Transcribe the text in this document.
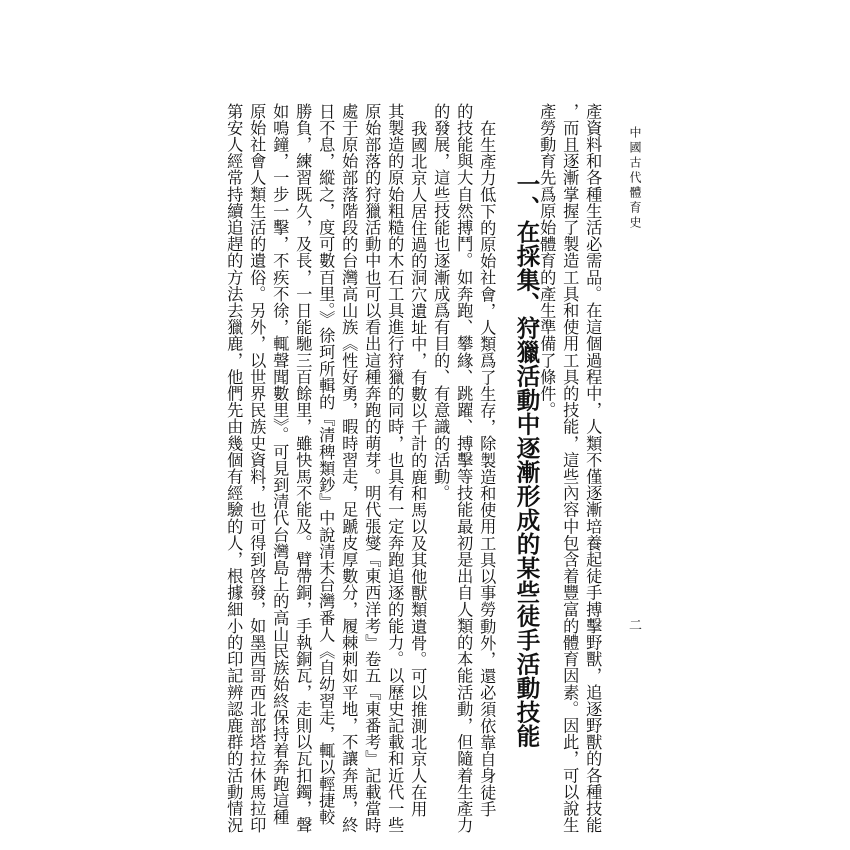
中國古代體育史
二
產資料和各種生活必需品。在這個過程中，人類不僅逐漸培養起徒手搏擊野獸，追逐野獸的各種技能
，而且逐漸掌握了製造工具和使用工具的技能，這些內容中包含着豐富的體育因素。因此，可以說生
產勞動育先爲原始體育的產生準備了條件。
一、在採集、狩獵活動中逐漸形成的某些徒手活動技能
在生產力低下的原始社會，人類爲了生存，除製造和使用工具以事勞動外，還必須依靠自身徒手
的技能與大自然搏鬥。如奔跑、攀緣、跳躍、搏擊等技能最初是出自人類的本能活動，但隨着生產力
的發展，這些技能也逐漸成爲有目的、有意識的活動。
我國北京人居住過的洞穴遺址中，有數以千計的鹿和馬以及其他獸類遺骨。可以推測北京人在用
其製造的原始粗糙的木石工具進行狩獵的同時，也具有一定奔跑追逐的能力。以歷史記載和近代一些
原始部落的狩獵活動中也可以看出這種奔跑的萌芽。明代張燮『東西洋考』卷五『東番考』記載當時
處于原始部落階段的台灣高山族《性好勇，暇時習走，足蹏皮厚數分，履棘刺如平地，不讓奔馬，終
日不息，縱之，度可數百里。》徐珂所輯的『清稗類鈔』中說清末台灣番人《自幼習走，輒以輕捷較
勝負，練習既久，及長，一日能馳三百餘里，雖快馬不能及。臂帶銅，手執銅瓦，走則以瓦扣鐲，聲
如鳴鐘，一步一擊，不疾不徐，輒聲聞數里》。可見到清代台灣島上的高山民族始終保持着奔跑這種
原始社會人類生活的遺俗。另外，以世界民族史資料，也可得到啓發，如墨西哥西北部塔拉休馬拉印
第安人經常持續追趕的方法去獵鹿，他們先由幾個有經驗的人，根據細小的印記辨認鹿群的活動情況
